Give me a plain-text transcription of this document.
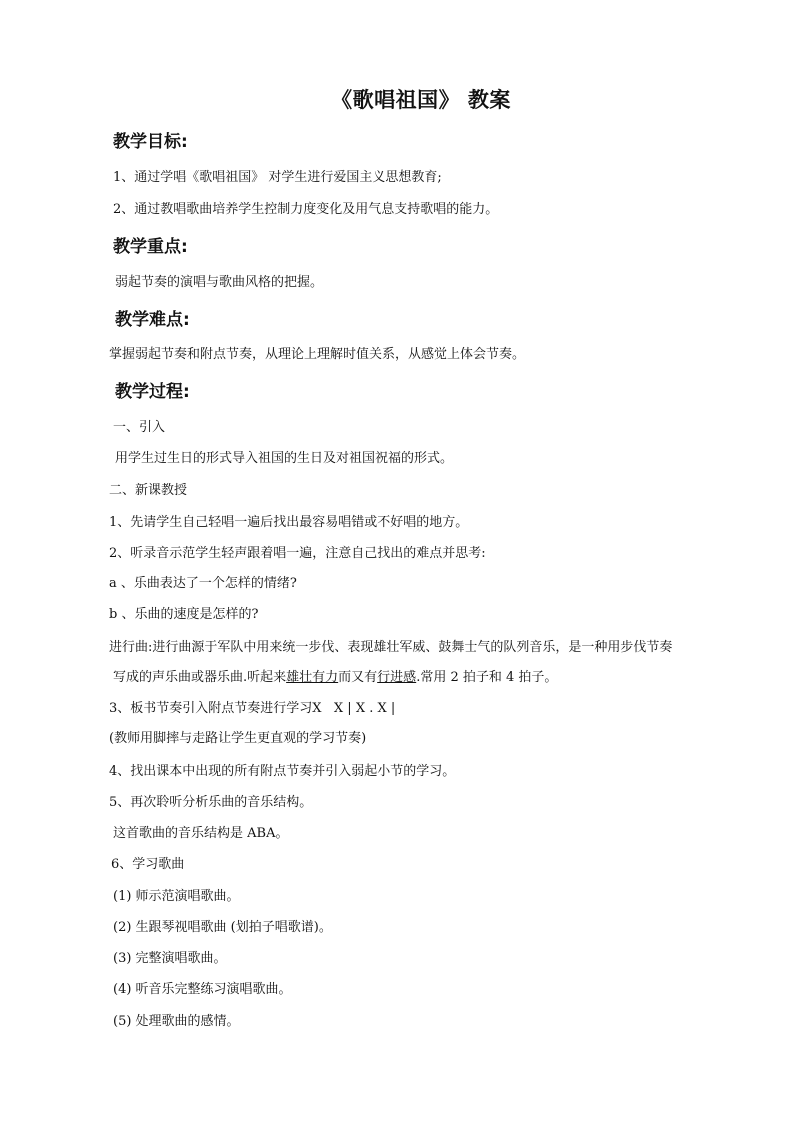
《歌唱祖国》 教案
教学目标:
1、通过学唱《歌唱祖国》 对学生进行爱国主义思想教育;
2、通过教唱歌曲培养学生控制力度变化及用气息支持歌唱的能力。
教学重点:
弱起节奏的演唱与歌曲风格的把握。
教学难点:
掌握弱起节奏和附点节奏，从理论上理解时值关系，从感觉上体会节奏。
教学过程:
一、引入
用学生过生日的形式导入祖国的生日及对祖国祝福的形式。
二、新课教授
1、先请学生自己轻唱一遍后找出最容易唱错或不好唱的地方。
2、听录音示范学生轻声跟着唱一遍，注意自己找出的难点并思考:
a 、乐曲表达了一个怎样的情绪?
b 、乐曲的速度是怎样的?
进行曲:进行曲源于军队中用来统一步伐、表现雄壮军威、鼓舞士气的队列音乐，是一种用步伐节奏
写成的声乐曲或器乐曲.听起来雄壮有力而又有行进感.常用 2 拍子和 4 拍子。
3、板书节奏引入附点节奏进行学习X   X | X . X |
(教师用脚摔与走路让学生更直观的学习节奏)
4、找出课本中出现的所有附点节奏并引入弱起小节的学习。
5、再次聆听分析乐曲的音乐结构。
这首歌曲的音乐结构是 ABA。
6、学习歌曲
(1) 师示范演唱歌曲。
(2) 生跟琴视唱歌曲 (划拍子唱歌谱)。
(3) 完整演唱歌曲。
(4) 听音乐完整练习演唱歌曲。
(5) 处理歌曲的感情。
